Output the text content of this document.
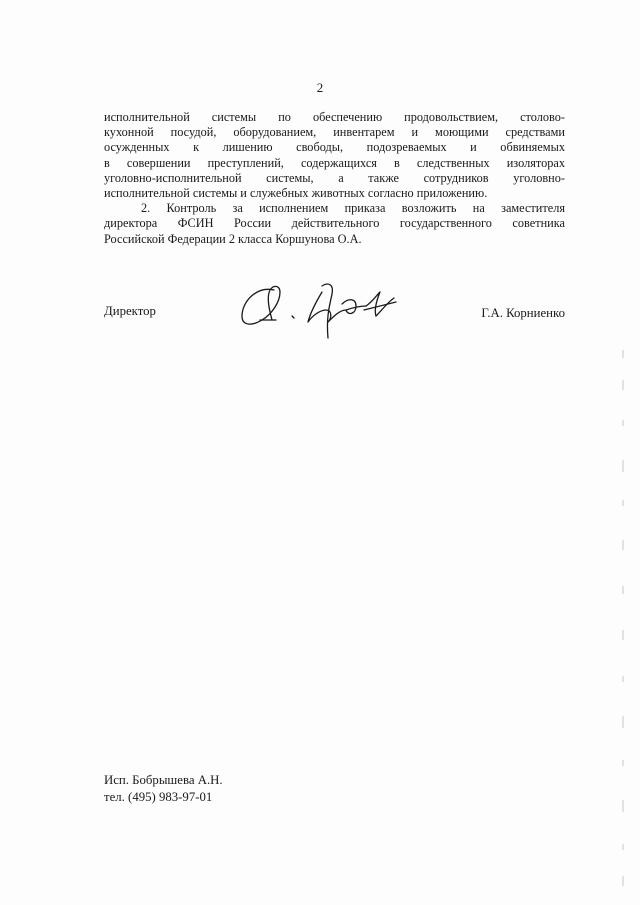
2
исполнительной системы по обеспечению продовольствием, столово-
кухонной посудой, оборудованием, инвентарем и моющими средствами
осужденных к лишению свободы, подозреваемых и обвиняемых
в совершении преступлений, содержащихся в следственных изоляторах
уголовно-исполнительной системы, а также сотрудников уголовно-
исполнительной системы и служебных животных согласно приложению.
2. Контроль за исполнением приказа возложить на заместителя
директора ФСИН России действительного государственного советника
Российской Федерации 2 класса Коршунова О.А.
Директор	Г.А. Корниенко
Исп. Бобрышева А.Н.
тел. (495) 983-97-01
